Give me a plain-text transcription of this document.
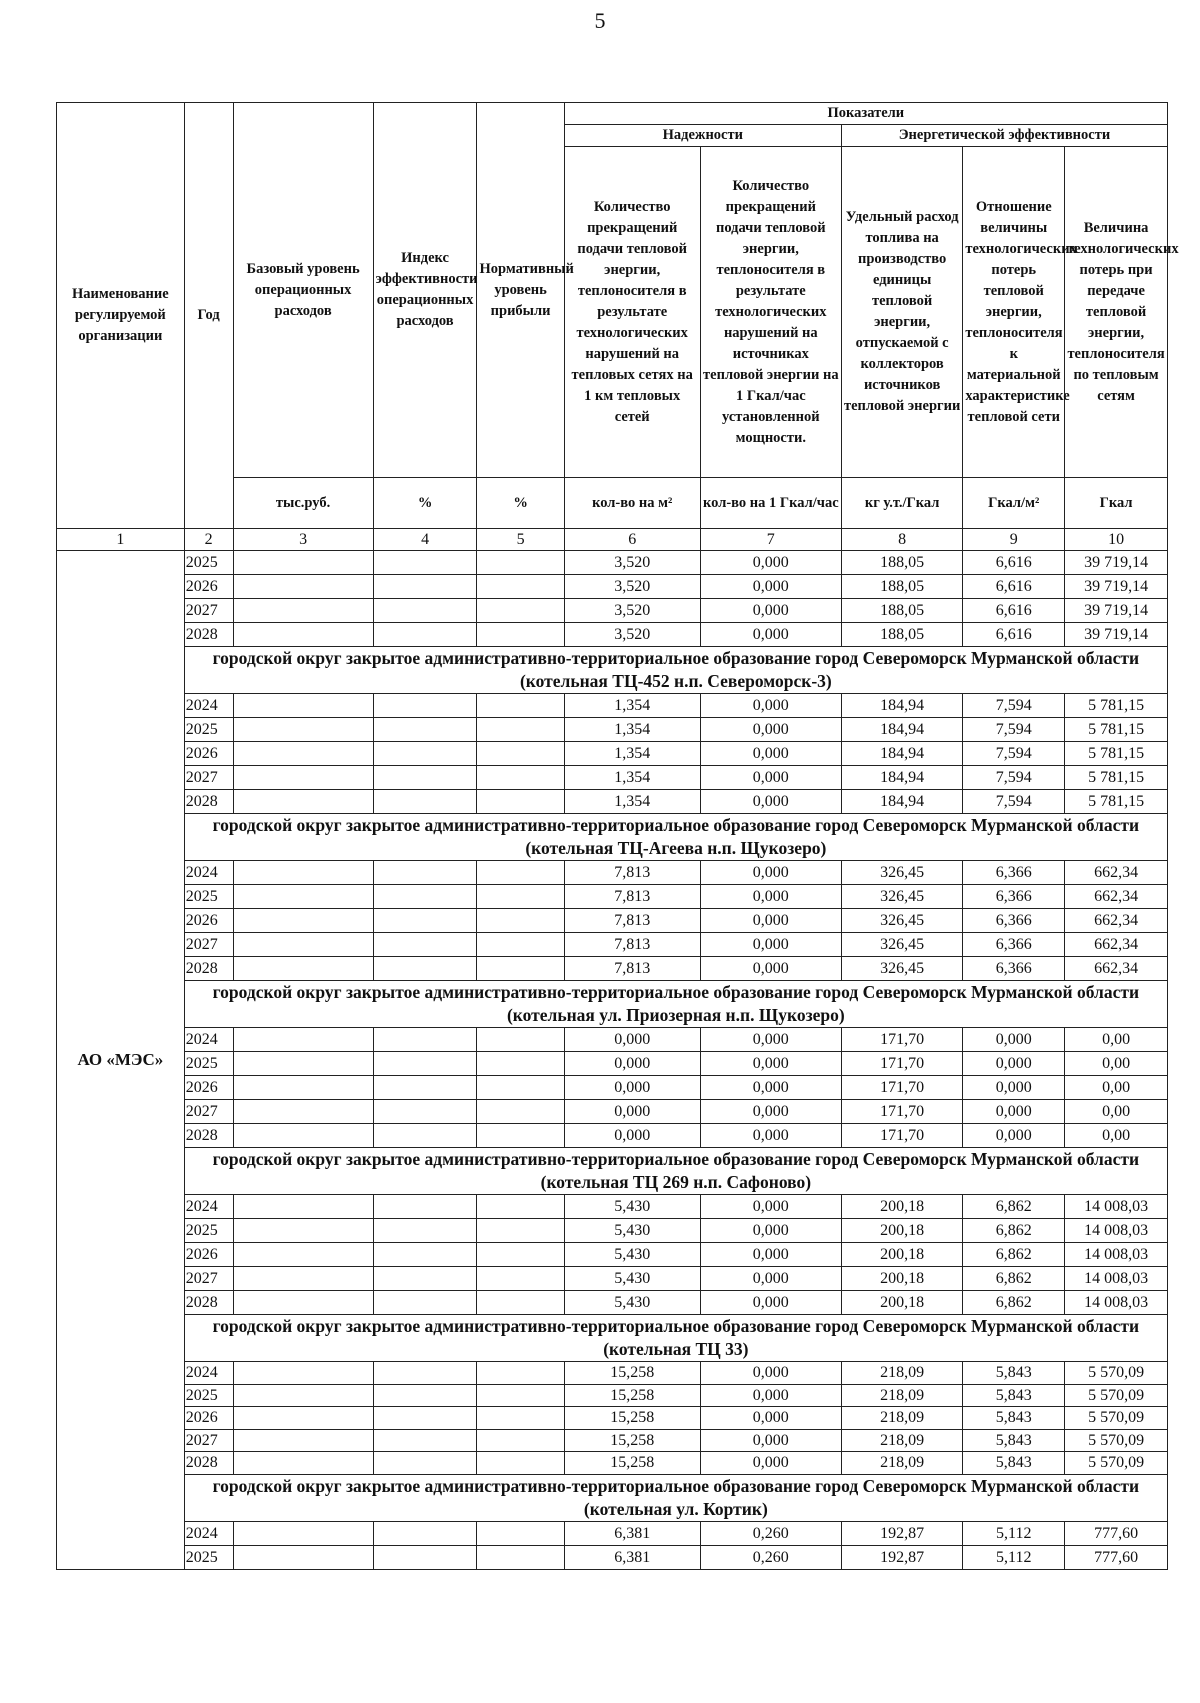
5
Наименование регулируемой организации	Год	Базовый уровень операционных расходов	Индекс эффективности операционных расходов	Нормативный уровень прибыли	Показатели				
					Надежности		Энергетической эффективности		
					Количество прекращений подачи тепловой энергии, теплоносителя в результате технологических нарушений на тепловых сетях на 1 км тепловых сетей	Количество прекращений подачи тепловой энергии, теплоносителя в результате технологических нарушений на источниках тепловой энергии на 1 Гкал/час установленной мощности.	Удельный расход топлива на производство единицы тепловой энергии, отпускаемой с коллекторов источников тепловой энергии	Отношение величины технологических потерь тепловой энергии, теплоносителя к материальной характеристике тепловой сети	Величина технологических потерь при передаче тепловой энергии, теплоносителя по тепловым сетям
		тыс.руб.	%	%	кол-во на м²	кол-во на 1 Гкал/час	кг у.т./Гкал	Гкал/м²	Гкал
1	2	3	4	5	6	7	8	9	10
АО «МЭС»	2025				3,520	0,000	188,05	6,616	39 719,14
	2026				3,520	0,000	188,05	6,616	39 719,14
	2027				3,520	0,000	188,05	6,616	39 719,14
	2028				3,520	0,000	188,05	6,616	39 719,14
	городской округ закрытое административно-территориальное образование город Североморск Мурманской области (котельная ТЦ-452 н.п. Североморск-3)								
	2024				1,354	0,000	184,94	7,594	5 781,15
	2025				1,354	0,000	184,94	7,594	5 781,15
	2026				1,354	0,000	184,94	7,594	5 781,15
	2027				1,354	0,000	184,94	7,594	5 781,15
	2028				1,354	0,000	184,94	7,594	5 781,15
	городской округ закрытое административно-территориальное образование город Североморск Мурманской области (котельная ТЦ-Агеева н.п. Щукозеро)								
	2024				7,813	0,000	326,45	6,366	662,34
	2025				7,813	0,000	326,45	6,366	662,34
	2026				7,813	0,000	326,45	6,366	662,34
	2027				7,813	0,000	326,45	6,366	662,34
	2028				7,813	0,000	326,45	6,366	662,34
	городской округ закрытое административно-территориальное образование город Североморск Мурманской области (котельная ул. Приозерная н.п. Щукозеро)								
	2024				0,000	0,000	171,70	0,000	0,00
	2025				0,000	0,000	171,70	0,000	0,00
	2026				0,000	0,000	171,70	0,000	0,00
	2027				0,000	0,000	171,70	0,000	0,00
	2028				0,000	0,000	171,70	0,000	0,00
	городской округ закрытое административно-территориальное образование город Североморск Мурманской области (котельная ТЦ 269 н.п. Сафоново)								
	2024				5,430	0,000	200,18	6,862	14 008,03
	2025				5,430	0,000	200,18	6,862	14 008,03
	2026				5,430	0,000	200,18	6,862	14 008,03
	2027				5,430	0,000	200,18	6,862	14 008,03
	2028				5,430	0,000	200,18	6,862	14 008,03
	городской округ закрытое административно-территориальное образование город Североморск Мурманской области (котельная ТЦ 33)								
	2024				15,258	0,000	218,09	5,843	5 570,09
	2025				15,258	0,000	218,09	5,843	5 570,09
	2026				15,258	0,000	218,09	5,843	5 570,09
	2027				15,258	0,000	218,09	5,843	5 570,09
	2028				15,258	0,000	218,09	5,843	5 570,09
	городской округ закрытое административно-территориальное образование город Североморск Мурманской области (котельная ул. Кортик)								
	2024				6,381	0,260	192,87	5,112	777,60
	2025				6,381	0,260	192,87	5,112	777,60
